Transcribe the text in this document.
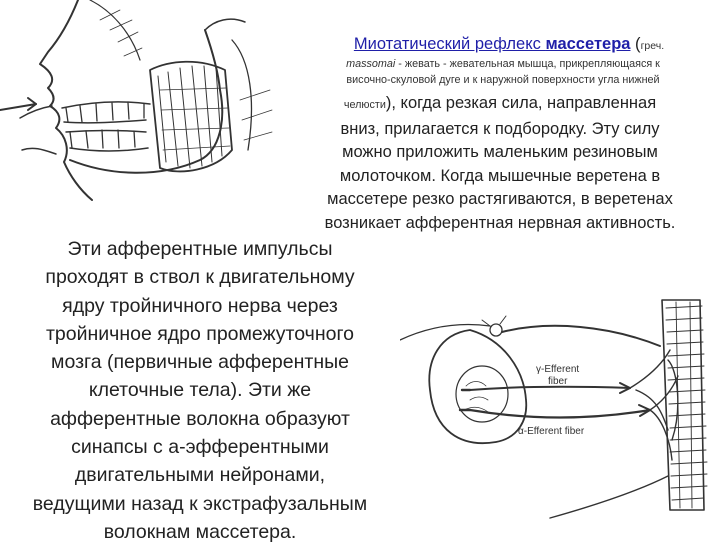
Миотатический рефлекс массетера (греч.
massomai - жевать - жевательная мышца, прикрепляющаяся к
височно-скуловой дуге и к наружной поверхности угла нижней
челюсти), когда резкая сила, направленная
вниз, прилагается к подбородку. Эту силу
можно приложить маленьким резиновым
молоточком. Когда мышечные веретена в
массетере резко растягиваются, в веретенах
возникает афферентная нервная активность.
Эти афферентные импульсы
проходят в ствол к двигательному
ядру тройничного нерва через
тройничное ядро промежуточного
мозга (первичные афферентные
клеточные тела). Эти же
афферентные волокна образуют
синапсы с а-эфферентными
двигательными нейронами,
ведущими назад к экстрафузальным
волокнам массетера.
γ-Efferent
fiber
α-Efferent fiber
